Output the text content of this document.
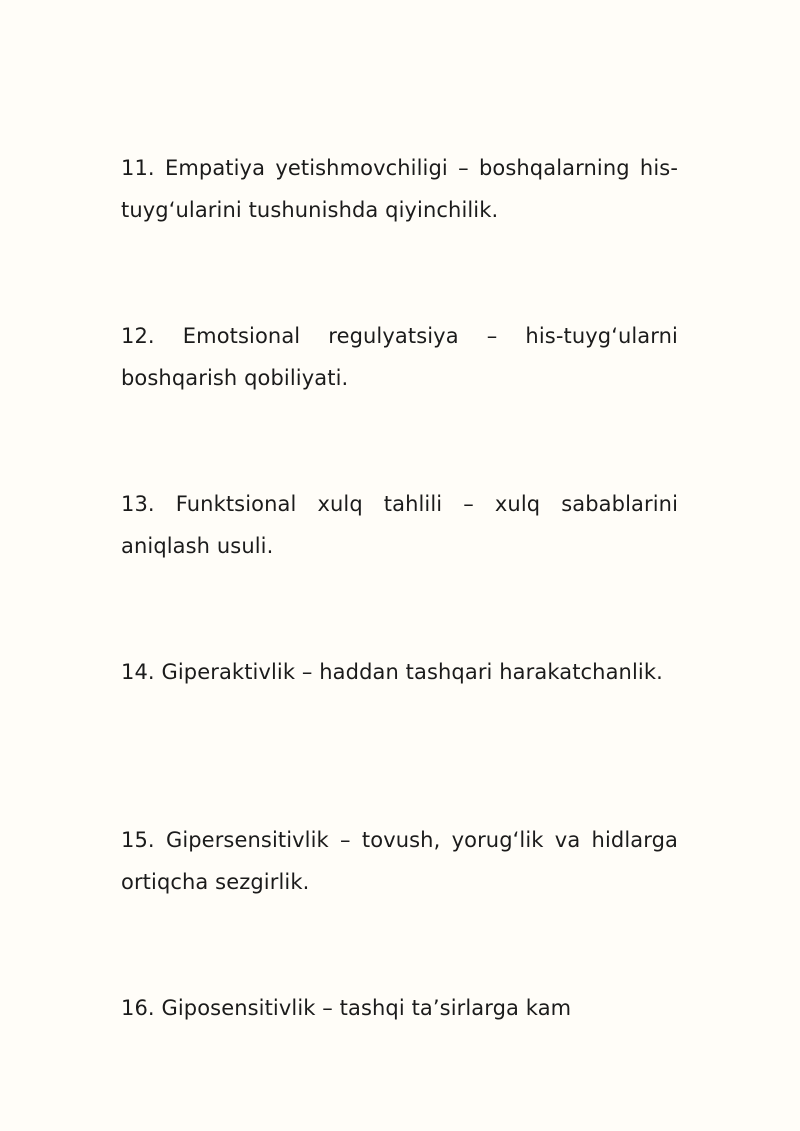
11. Empatiya yetishmovchiligi – boshqalarning his-tuyg‘ularini tushunishda qiyinchilik.

12. Emotsional regulyatsiya – his-tuyg‘ularni boshqarish qobiliyati.

13. Funktsional xulq tahlili – xulq sabablarini aniqlash usuli.

14. Giperaktivlik – haddan tashqari harakatchanlik.

15. Gipersensitivlik – tovush, yorug‘lik va hidlarga ortiqcha sezgirlik.

16. Giposensitivlik – tashqi ta’sirlarga kam
